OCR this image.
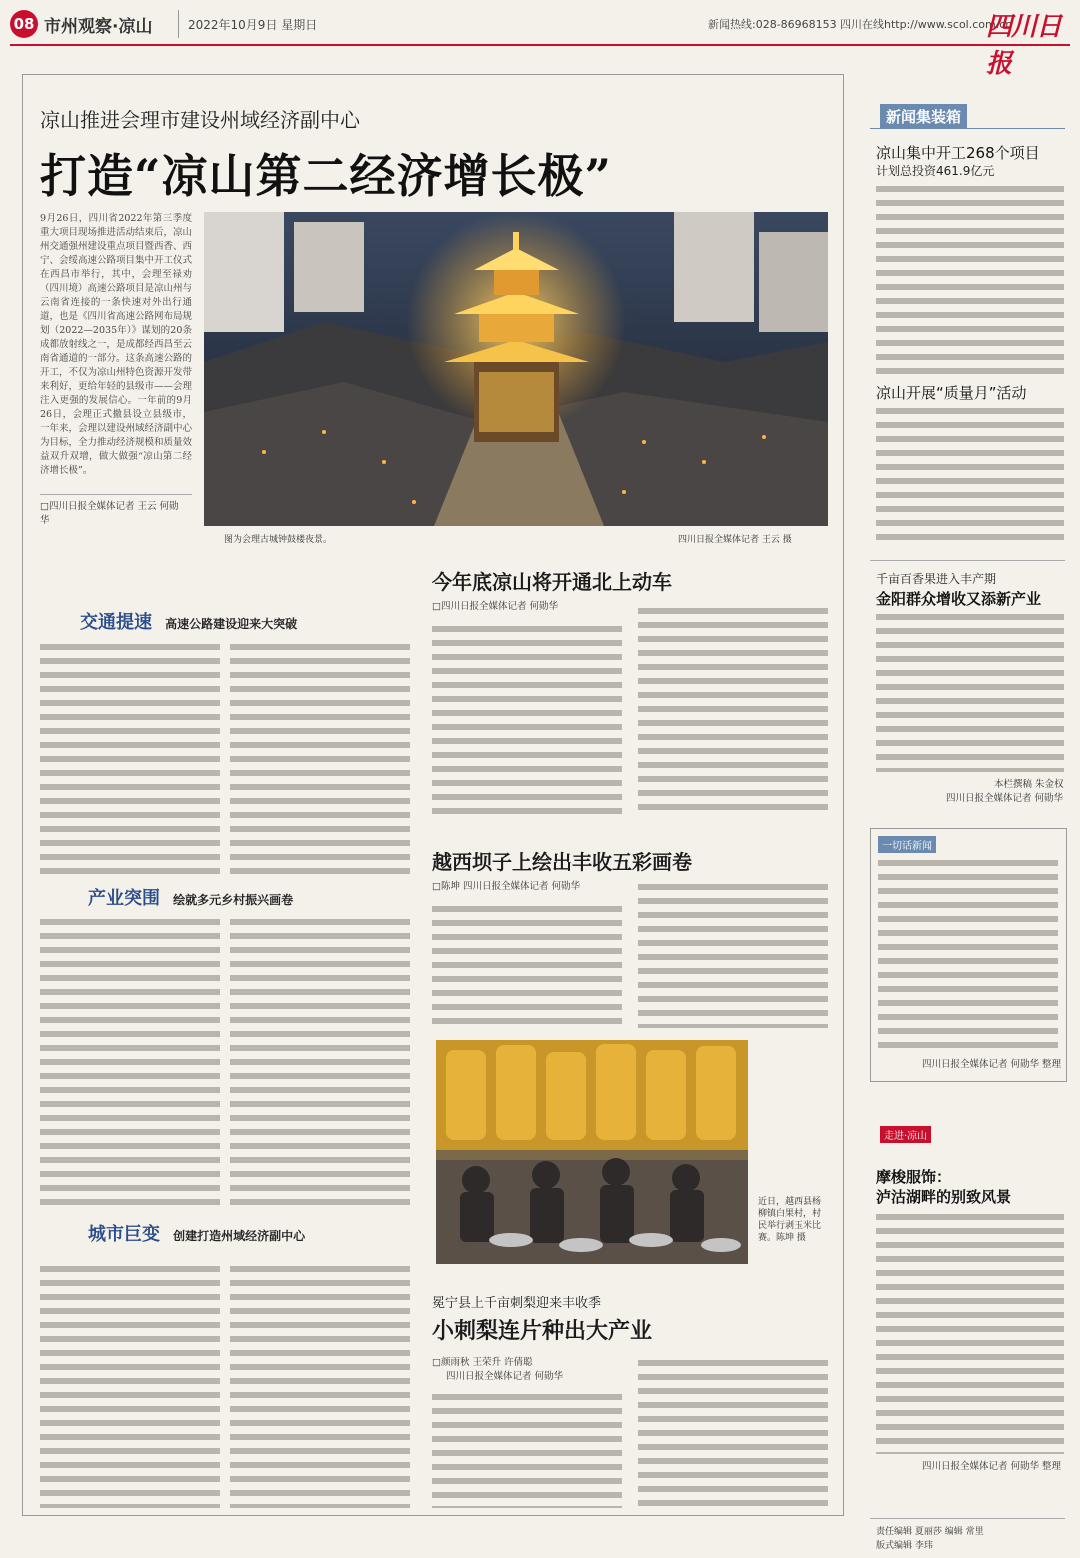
08 市州观察·凉山	2022年10月9日 星期日	新闻热线:028-86968153 四川在线http://www.scol.com.cn
四川日报
凉山推进会理市建设州域经济副中心
打造“凉山第二经济增长极”
9月26日，四川省2022年第三季度重大项目现场推进活动结束后，凉山州交通强州建设重点项目暨西香、西宁、会绥高速公路项目集中开工仪式在西昌市举行，其中，会理至禄劝（四川境）高速公路项目是凉山州与云南省连接的一条快速对外出行通道，也是《四川省高速公路网布局规划（2022—2035年）》谋划的20条成都放射线之一，是成都经西昌至云南省通道的一部分。这条高速公路的开工，不仅为凉山州特色资源开发带来利好，更给年轻的县级市——会理注入更强的发展信心。一年前的9月26日，会理正式撤县设立县级市，一年来，会理以建设州域经济副中心为目标，全力推动经济规模和质量效益双升双增，做大做强“凉山第二经济增长极”。
□四川日报全媒体记者 王云 何勋华
图为会理古城钟鼓楼夜景。	四川日报全媒体记者 王云 摄
交通提速 高速公路建设迎来大突破
产业突围 绘就多元乡村振兴画卷
城市巨变 创建打造州域经济副中心
今年底凉山将开通北上动车
□四川日报全媒体记者 何勋华
越西坝子上绘出丰收五彩画卷
□陈坤 四川日报全媒体记者 何勋华
近日，越西县杨柳镇白果村，村民举行剥玉米比赛。陈坤 摄
冕宁县上千亩刺梨迎来丰收季
小刺梨连片种出大产业
□颜雨秋 王荣升 许倩聪
四川日报全媒体记者 何勋华
新闻集装箱
凉山集中开工268个项目
计划总投资461.9亿元
凉山开展“质量月”活动
千亩百香果进入丰产期
金阳群众增收又添新产业
本栏撰稿 朱金权
四川日报全媒体记者 何勋华
一切话新闻
四川日报全媒体记者 何勋华 整理
走进·凉山
摩梭服饰：
泸沽湖畔的别致风景
四川日报全媒体记者 何勋华 整理
责任编辑 夏丽莎 编辑 常里
版式编辑 李玮
